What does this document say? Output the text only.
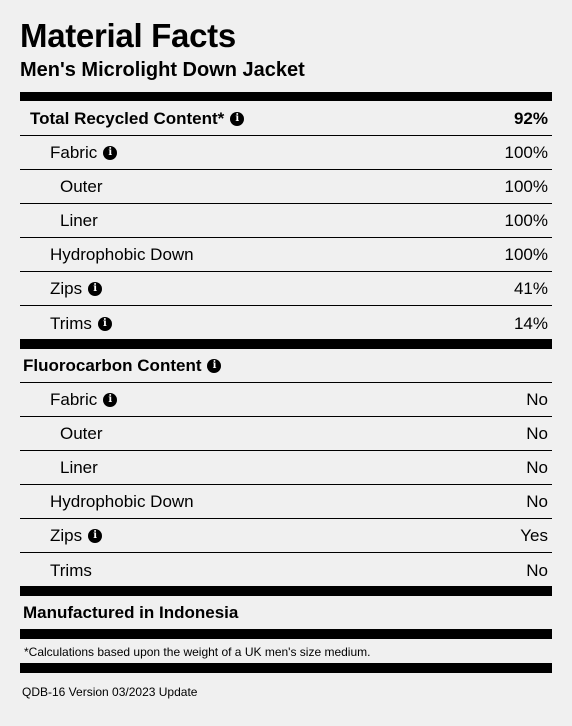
Material Facts
Men's Microlight Down Jacket
Total Recycled Content*	i	92%
Fabric	i	100%
Outer	100%
Liner	100%
Hydrophobic Down	100%
Zips	i	41%
Trims	i	14%
Fluorocarbon Content	i
Fabric	i	No
Outer	No
Liner	No
Hydrophobic Down	No
Zips	i	Yes
Trims	No
Manufactured in Indonesia
*Calculations based upon the weight of a UK men's size medium.
QDB-16 Version 03/2023 Update
